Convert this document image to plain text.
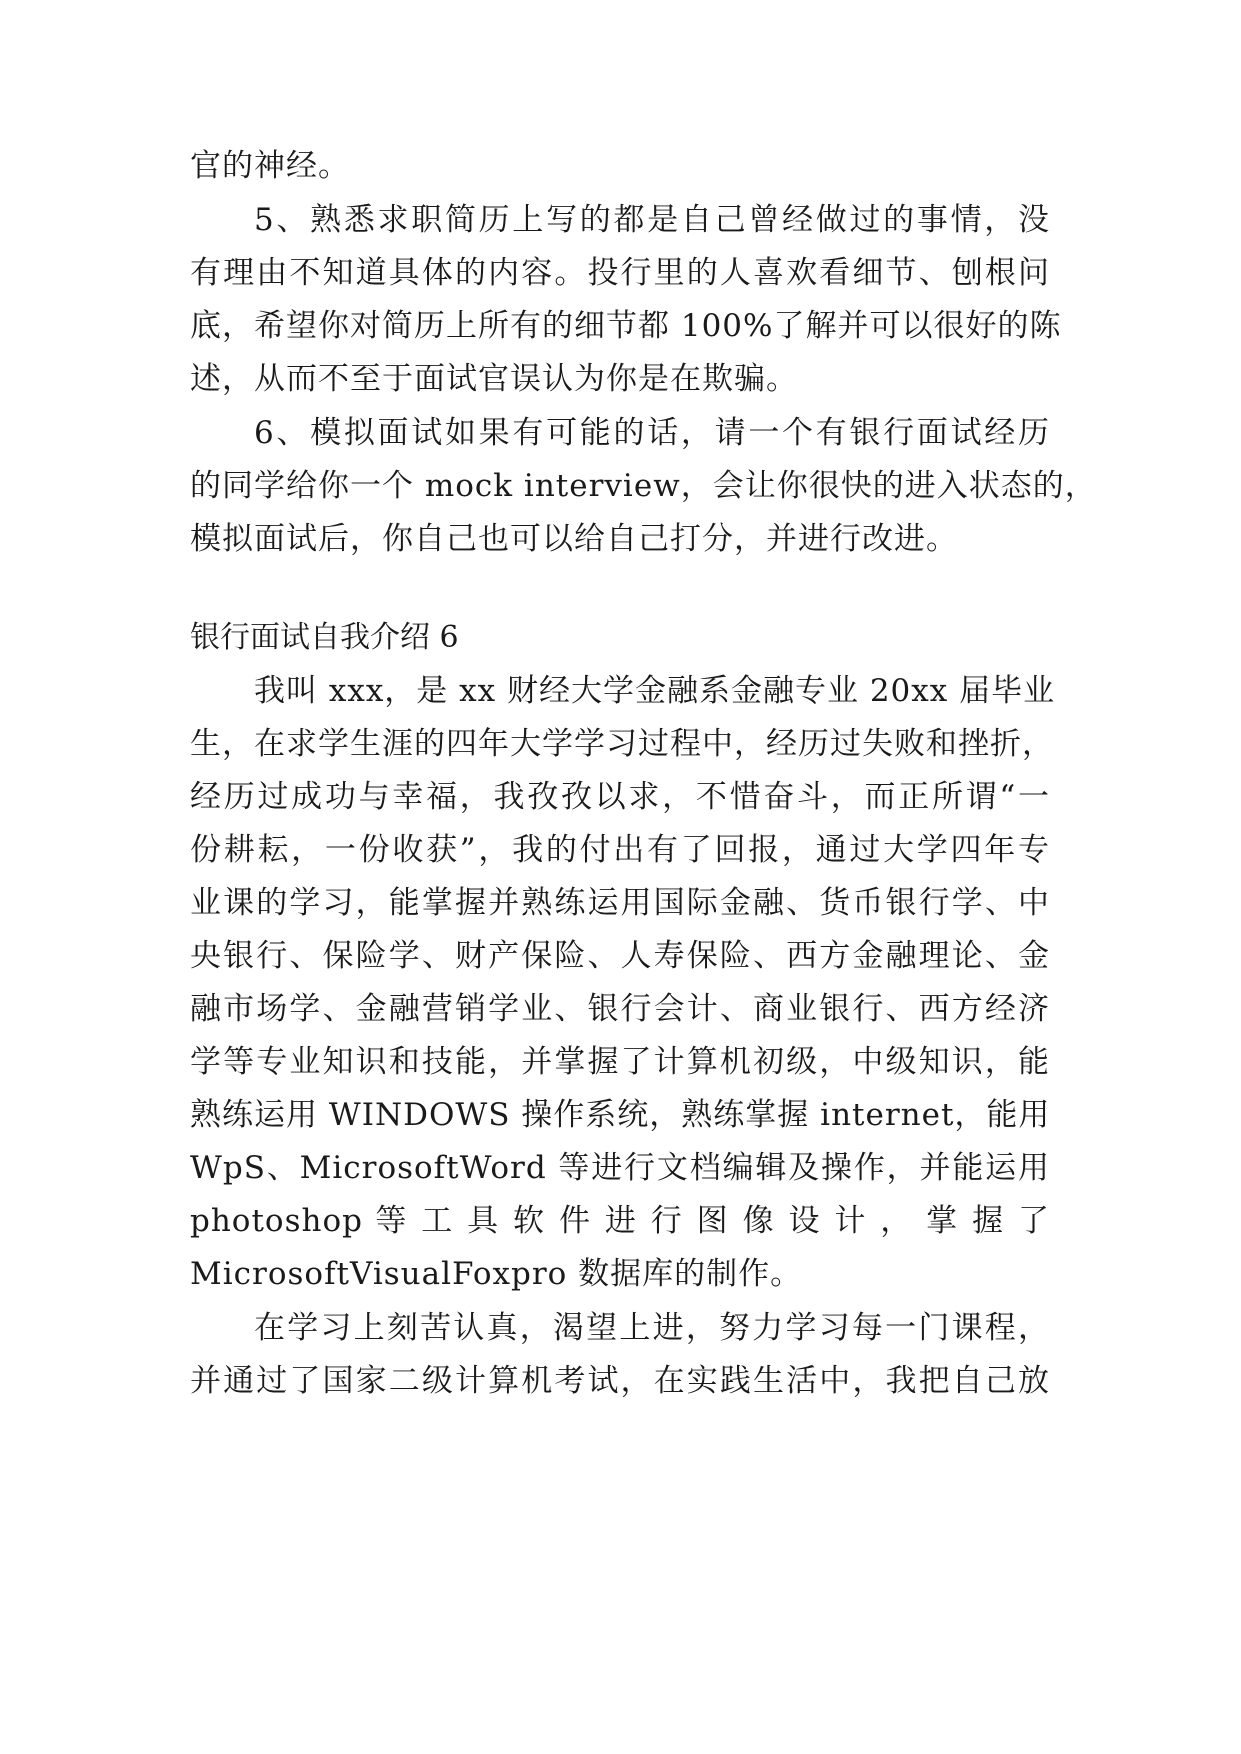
官的神经。
5、熟悉求职简历上写的都是自己曾经做过的事情，没
有理由不知道具体的内容。投行里的人喜欢看细节、刨根问
底，希望你对简历上所有的细节都 100%了解并可以很好的陈
述，从而不至于面试官误认为你是在欺骗。
6、模拟面试如果有可能的话，请一个有银行面试经历
的同学给你一个 mock interview，会让你很快的进入状态的，
模拟面试后，你自己也可以给自己打分，并进行改进。
银行面试自我介绍 6
我叫 xxx，是 xx 财经大学金融系金融专业 20xx 届毕业
生，在求学生涯的四年大学学习过程中，经历过失败和挫折，
经历过成功与幸福，我孜孜以求，不惜奋斗，而正所谓“一
份耕耘，一份收获”，我的付出有了回报，通过大学四年专
业课的学习，能掌握并熟练运用国际金融、货币银行学、中
央银行、保险学、财产保险、人寿保险、西方金融理论、金
融市场学、金融营销学业、银行会计、商业银行、西方经济
学等专业知识和技能，并掌握了计算机初级，中级知识，能
熟练运用 WINDOWS 操作系统，熟练掌握 internet，能用
WpS、MicrosoftWord 等进行文档编辑及操作，并能运用
photoshop 等 工 具 软 件 进 行 图 像 设 计 ， 掌 握 了
MicrosoftVisualFoxpro 数据库的制作。
在学习上刻苦认真，渴望上进，努力学习每一门课程，
并通过了国家二级计算机考试，在实践生活中，我把自己放
